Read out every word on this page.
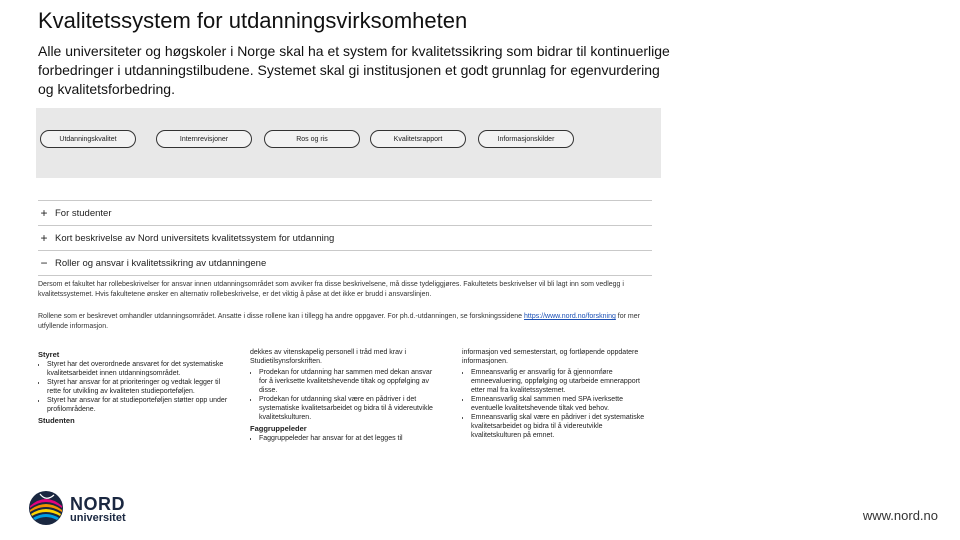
Kvalitetssystem for utdanningsvirksomheten

Alle universiteter og høgskoler i Norge skal ha et system for kvalitetssikring som bidrar til kontinuerlige forbedringer i utdanningstilbudene. Systemet skal gi institusjonen et godt grunnlag for egenvurdering og kvalitetsforbedring.

Utdanningskvalitet	Internrevisjoner	Ros og ris	Kvalitetsrapport	Informasjonskilder
+ For studenter
+ Kort beskrivelse av Nord universitets kvalitetssystem for utdanning
− Roller og ansvar i kvalitetssikring av utdanningene

Dersom et fakultet har rollebeskrivelser for ansvar innen utdanningsområdet som avviker fra disse beskrivelsene, må disse tydeliggjøres. Fakultetets beskrivelser vil bli lagt inn som vedlegg i kvalitetssystemet. Hvis fakultetene ønsker en alternativ rollebeskrivelse, er det viktig å påse at det ikke er brudd i ansvarslinjen.

Rollene som er beskrevet omhandler utdanningsområdet. Ansatte i disse rollene kan i tillegg ha andre oppgaver. For ph.d.-utdanningen, se forskningssidene https://www.nord.no/forskning for mer utfyllende informasjon.

Styret
• Styret har det overordnede ansvaret for det systematiske kvalitetsarbeidet innen utdanningsområdet.
• Styret har ansvar for at prioriteringer og vedtak legger til rette for utvikling av kvaliteten studieporteføljen.
• Styret har ansvar for at studieporteføljen støtter opp under profilområdene.
Studenten

dekkes av vitenskapelig personell i tråd med krav i Studietilsynsforskriften.

• Prodekan for utdanning har sammen med dekan ansvar for å iverksette kvalitetshevende tiltak og oppfølging av disse.
• Prodekan for utdanning skal være en pådriver i det systematiske kvalitetsarbeidet og bidra til å videreutvikle kvalitetskulturen.
Faggruppeleder
• Faggruppeleder har ansvar for at det legges til

informasjon ved semesterstart, og fortløpende oppdatere informasjonen.

• Emneansvarlig er ansvarlig for å gjennomføre emneevaluering, oppfølging og utarbeide emnerapport etter mal fra kvalitetssystemet.
• Emneansvarlig skal sammen med SPA iverksette eventuelle kvalitetshevende tiltak ved behov.
• Emneansvarlig skal være en pådriver i det systematiske kvalitetsarbeidet og bidra til å videreutvikle kvalitetskulturen på emnet.
NORD
universitet	www.nord.no
